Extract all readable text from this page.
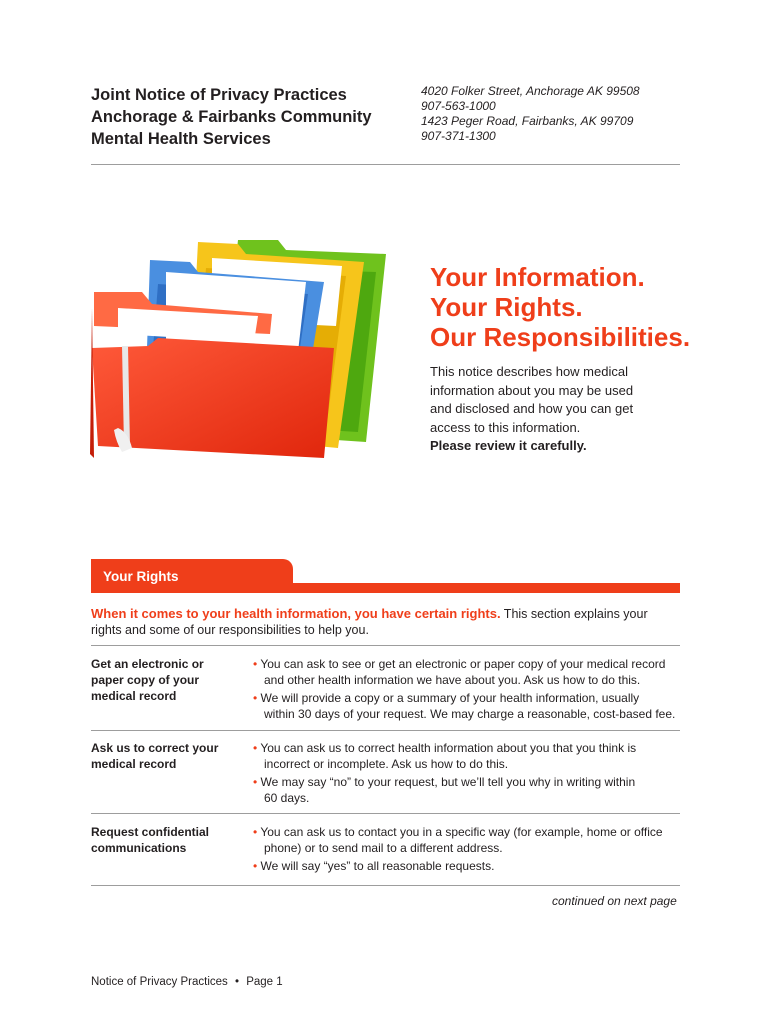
Joint Notice of Privacy Practices
Anchorage & Fairbanks Community
Mental Health Services
4020 Folker Street, Anchorage AK 99508
907-563-1000
1423 Peger Road, Fairbanks, AK 99709
907-371-1300
Your Information.
Your Rights.
Our Responsibilities.
This notice describes how medical
information about you may be used
and disclosed and how you can get
access to this information.
Please review it carefully.
Your Rights
When it comes to your health information, you have certain rights. This section explains your
rights and some of our responsibilities to help you.
Get an electronic or
paper copy of your
medical record
• You can ask to see or get an electronic or paper copy of your medical record
and other health information we have about you. Ask us how to do this.
• We will provide a copy or a summary of your health information, usually
within 30 days of your request. We may charge a reasonable, cost-based fee.
Ask us to correct your
medical record
• You can ask us to correct health information about you that you think is
incorrect or incomplete. Ask us how to do this.
• We may say “no” to your request, but we’ll tell you why in writing within
60 days.
Request confidential
communications
• You can ask us to contact you in a specific way (for example, home or office
phone) or to send mail to a different address.
• We will say “yes” to all reasonable requests.
continued on next page
Notice of Privacy Practices • Page 1
